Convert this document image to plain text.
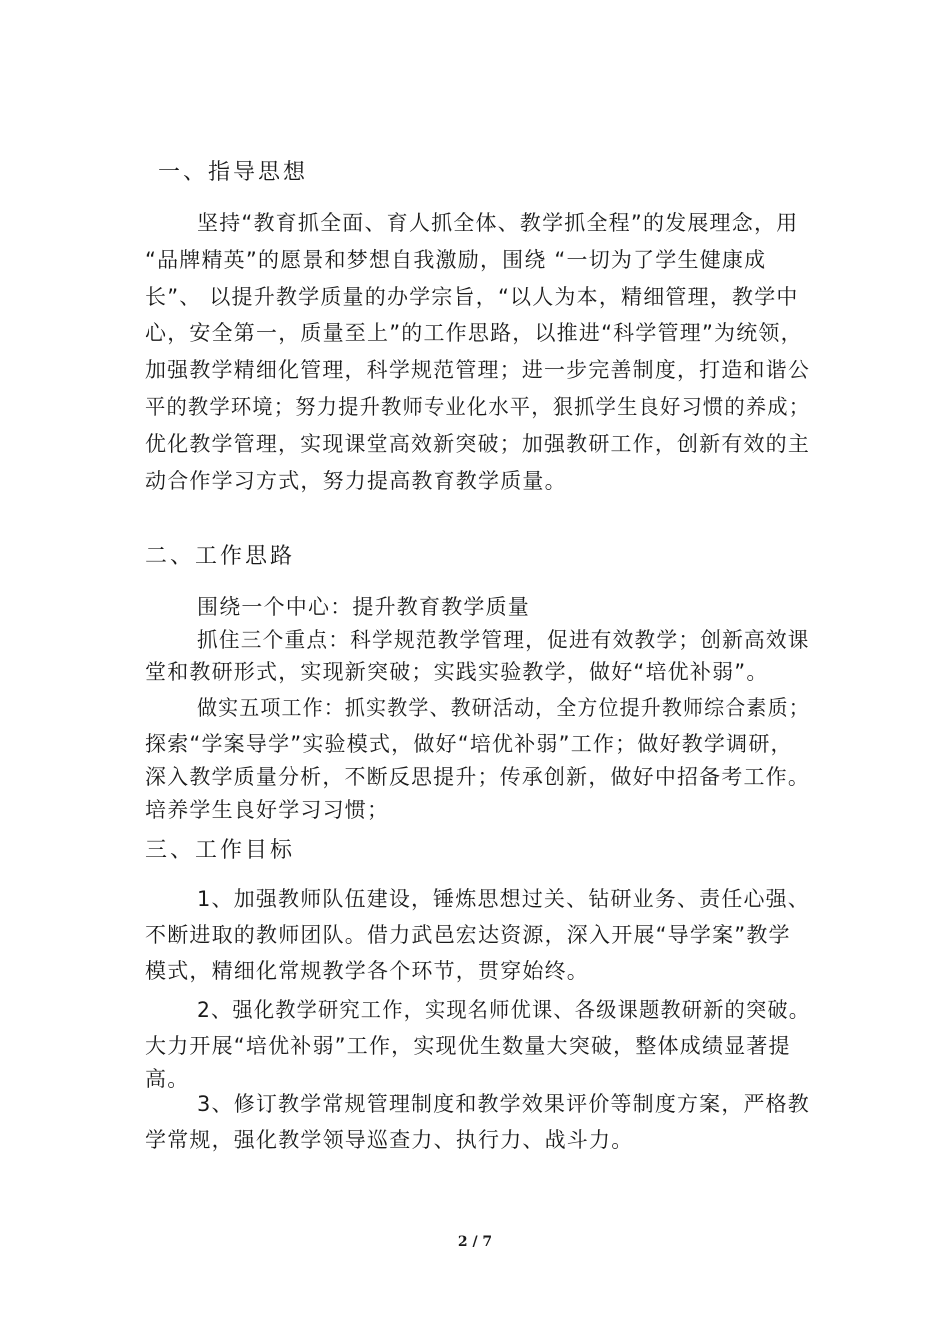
一、指导思想
坚持“教育抓全面、育人抓全体、教学抓全程”的发展理念，用
“品牌精英”的愿景和梦想自我激励，围绕 “一切为了学生健康成
长”、 以提升教学质量的办学宗旨，“以人为本，精细管理，教学中
心，安全第一，质量至上”的工作思路，以推进“科学管理”为统领，
加强教学精细化管理，科学规范管理；进一步完善制度，打造和谐公
平的教学环境；努力提升教师专业化水平，狠抓学生良好习惯的养成；
优化教学管理，实现课堂高效新突破；加强教研工作，创新有效的主
动合作学习方式，努力提高教育教学质量。
二、工作思路
围绕一个中心：提升教育教学质量
抓住三个重点：科学规范教学管理，促进有效教学；创新高效课
堂和教研形式，实现新突破；实践实验教学，做好“培优补弱”。
做实五项工作：抓实教学、教研活动，全方位提升教师综合素质；
探索“学案导学”实验模式，做好“培优补弱”工作；做好教学调研，
深入教学质量分析，不断反思提升；传承创新，做好中招备考工作。
培养学生良好学习习惯；
三、工作目标
1、加强教师队伍建设，锤炼思想过关、钻研业务、责任心强、
不断进取的教师团队。借力武邑宏达资源，深入开展“导学案”教学
模式，精细化常规教学各个环节，贯穿始终。
2、强化教学研究工作，实现名师优课、各级课题教研新的突破。
大力开展“培优补弱”工作，实现优生数量大突破，整体成绩显著提
高。
3、修订教学常规管理制度和教学效果评价等制度方案，严格教
学常规，强化教学领导巡查力、执行力、战斗力。
2 / 7
